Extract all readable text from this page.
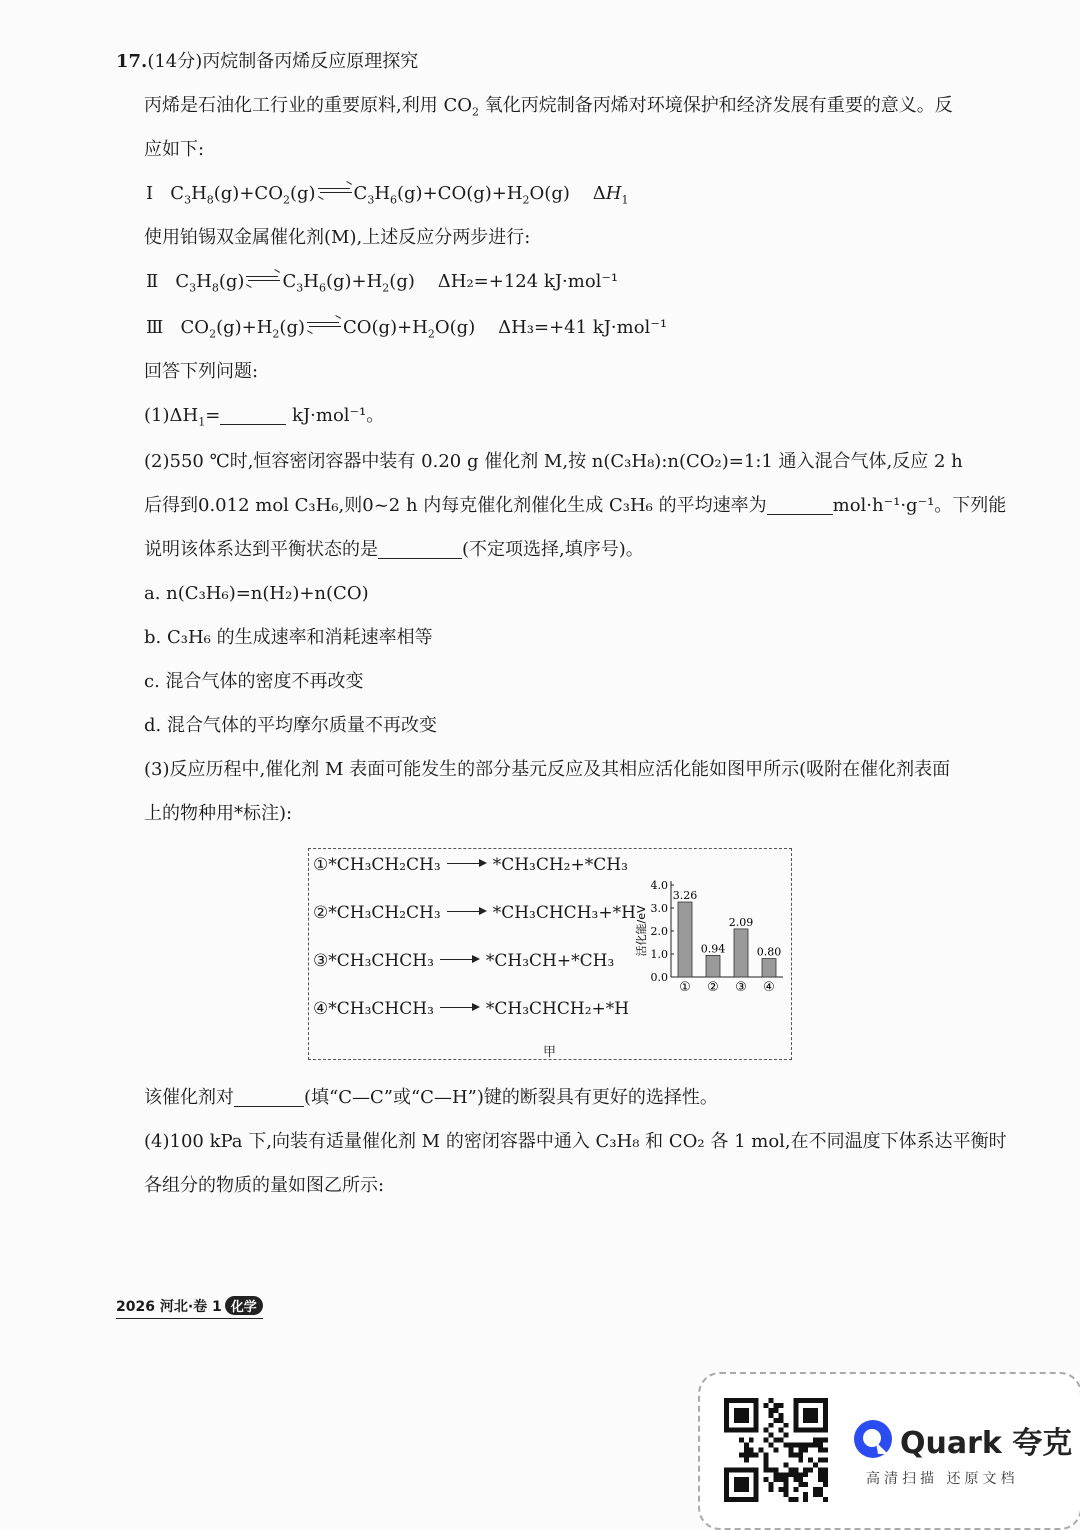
17.(14分)丙烷制备丙烯反应原理探究
丙烯是石油化工行业的重要原料,利用 $CO_2$ 氧化丙烷制备丙烯对环境保护和经济发展有重要的意义。反
应如下:
Ⅰ   $C_3H_8(g)+CO_2(g) \to C_3H_6(g)+CO(g)+H_2O(g)$    $\Delta H_1$
使用铂锡双金属催化剂(M),上述反应分两步进行:
Ⅱ   $C_3H_8(g) \to C_3H_6(g)+H_2(g)$    ΔH₂=+124 kJ·mol⁻¹
Ⅲ   $CO_2(g)+H_2(g) \to CO(g)+H_2O(g)$    ΔH₃=+41 kJ·mol⁻¹
回答下列问题:
$(1)\Delta H_1=$	kJ·mol⁻¹。
(2)550 ℃时,恒容密闭容器中装有 0.20 g 催化剂 M,按 n(C₃H₈):n(CO₂)=1:1 通入混合气体,反应 2 h
后得到0.012 mol C₃H₆,则0~2 h 内每克催化剂催化生成 C₃H₆ 的平均速率为	mol·h⁻¹·g⁻¹。下列能
说明该体系达到平衡状态的是	(不定项选择,填序号)。
a. n(C₃H₆)=n(H₂)+n(CO)
b. C₃H₆ 的生成速率和消耗速率相等
c. 混合气体的密度不再改变
d. 混合气体的平均摩尔质量不再改变
(3)反应历程中,催化剂 M 表面可能发生的部分基元反应及其相应活化能如图甲所示(吸附在催化剂表面
上的物种用*标注):
①*CH₃CH₂CH₃	*CH₃CH₂+*CH₃
②*CH₃CH₂CH₃	*CH₃CHCH₃+*H
③*CH₃CHCH₃	*CH₃CH+*CH₃
④*CH₃CHCH₃	*CH₃CHCH₂+*H
0.0
1.0
2.0
3.0
4.0
活化能/eV
3.26
①
0.94
②
2.09
③
0.80
④
甲
该催化剂对	(填“C—C”或“C—H”)键的断裂具有更好的选择性。
(4)100 kPa 下,向装有适量催化剂 M 的密闭容器中通入 C₃H₈ 和 CO₂ 各 1 mol,在不同温度下体系达平衡时
各组分的物质的量如图乙所示:
2026 河北·卷 1 化学
Quark 夸克
高清扫描 还原文档
